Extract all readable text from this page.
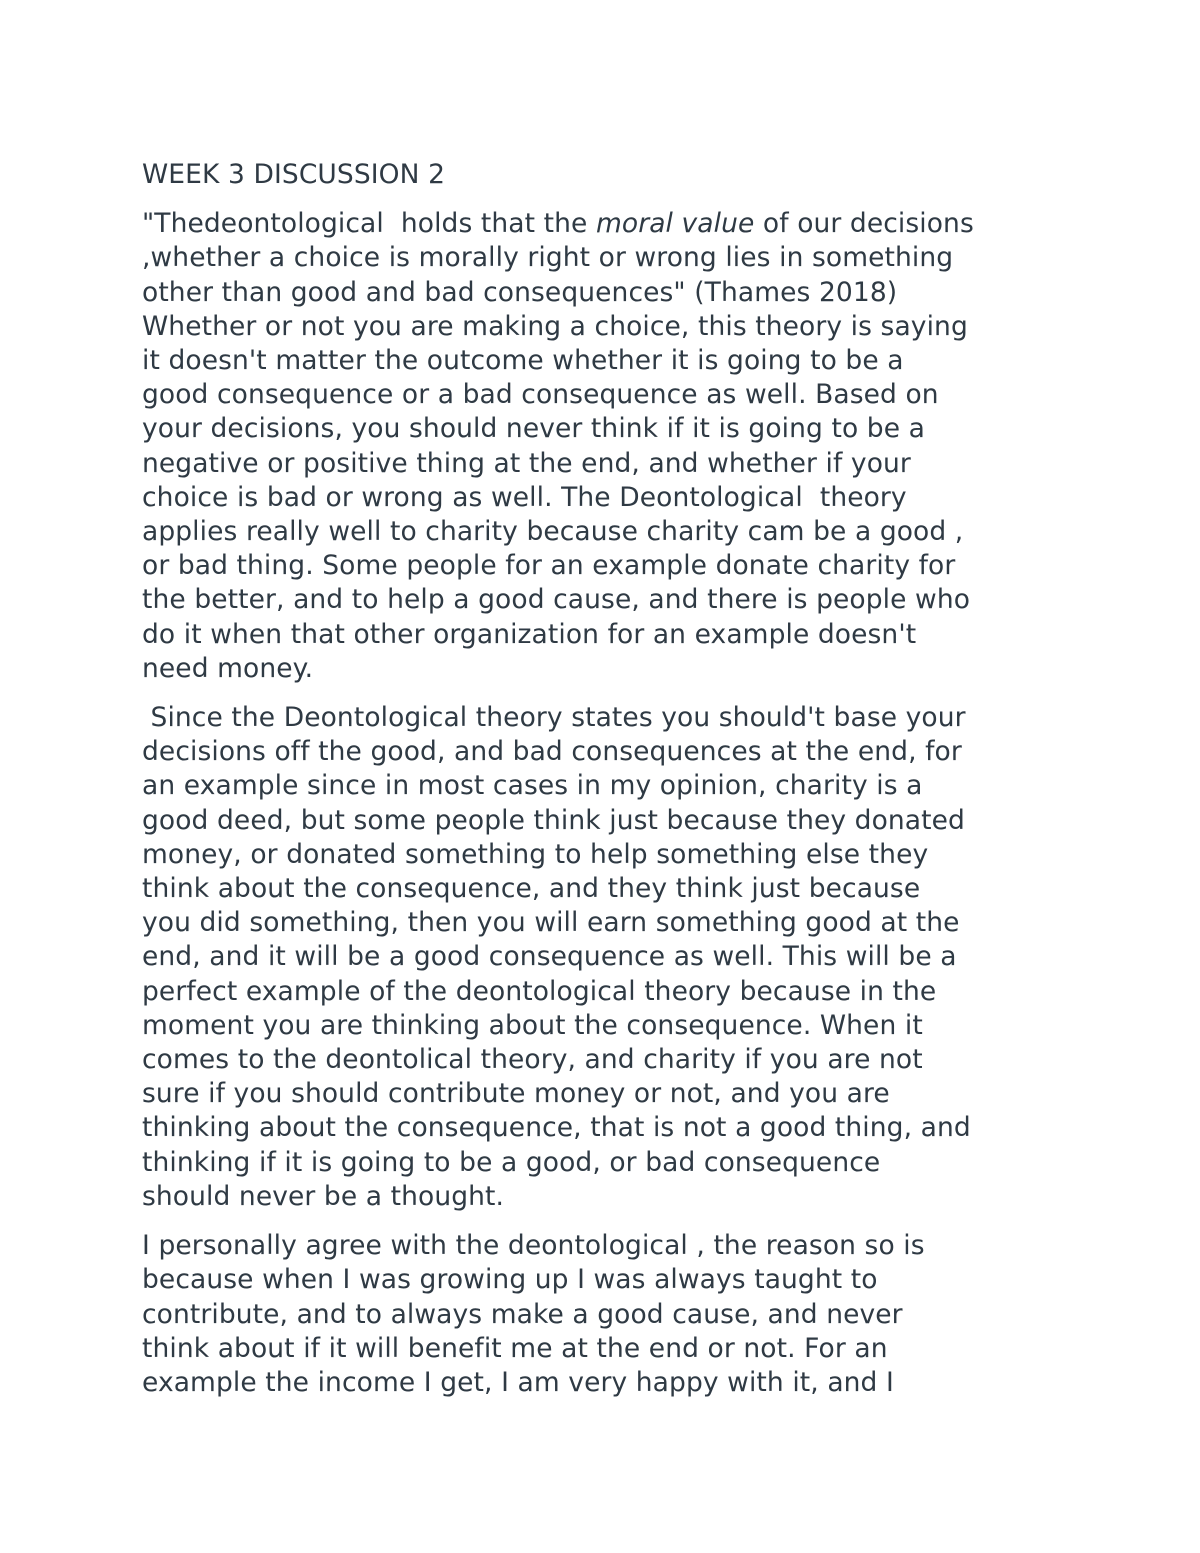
WEEK 3 DISCUSSION 2
"Thedeontological  holds that the moral value of our decisions
,whether a choice is morally right or wrong lies in something
other than good and bad consequences" (Thames 2018)
Whether or not you are making a choice, this theory is saying
it doesn't matter the outcome whether it is going to be a
good consequence or a bad consequence as well. Based on
your decisions, you should never think if it is going to be a
negative or positive thing at the end, and whether if your
choice is bad or wrong as well. The Deontological  theory
applies really well to charity because charity cam be a good ,
or bad thing. Some people for an example donate charity for
the better, and to help a good cause, and there is people who
do it when that other organization for an example doesn't
need money.
Since the Deontological theory states you should't base your
decisions off the good, and bad consequences at the end, for
an example since in most cases in my opinion, charity is a
good deed, but some people think just because they donated
money, or donated something to help something else they
think about the consequence, and they think just because
you did something, then you will earn something good at the
end, and it will be a good consequence as well. This will be a
perfect example of the deontological theory because in the
moment you are thinking about the consequence. When it
comes to the deontolical theory, and charity if you are not
sure if you should contribute money or not, and you are
thinking about the consequence, that is not a good thing, and
thinking if it is going to be a good, or bad consequence
should never be a thought.
I personally agree with the deontological , the reason so is
because when I was growing up I was always taught to
contribute, and to always make a good cause, and never
think about if it will benefit me at the end or not. For an
example the income I get, I am very happy with it, and I
